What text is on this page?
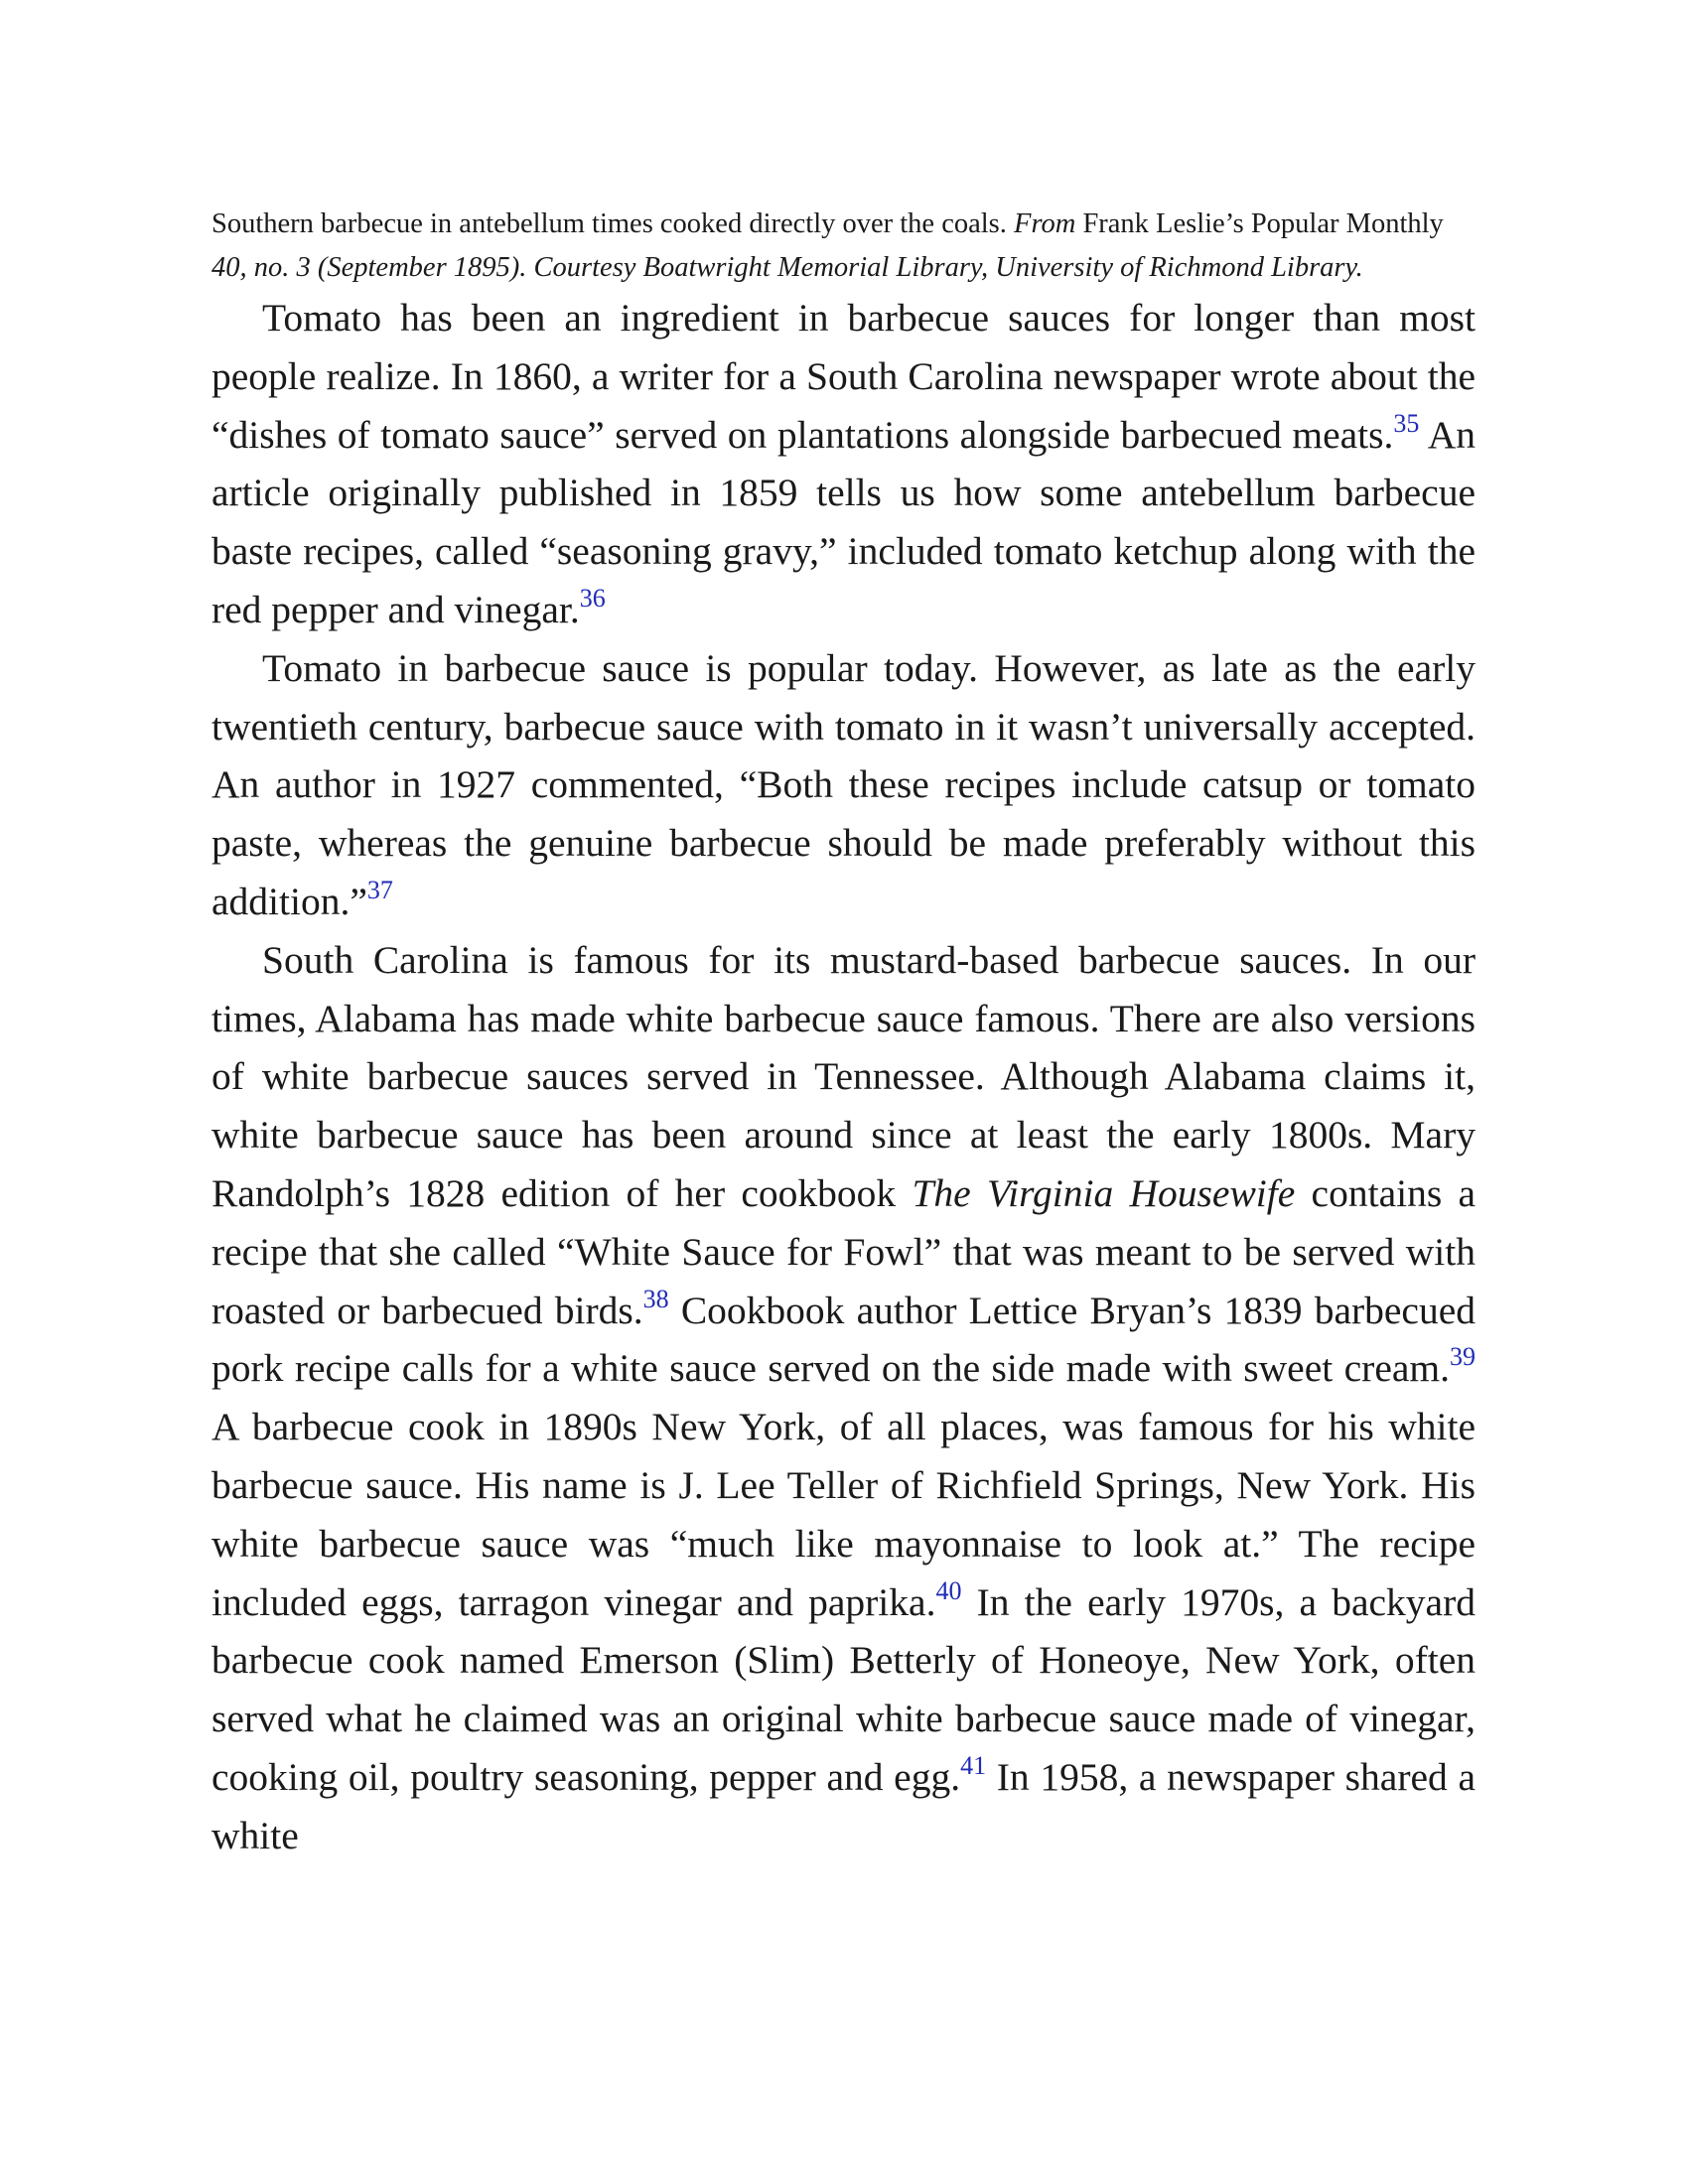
Southern barbecue in antebellum times cooked directly over the coals. From Frank Leslie’s Popular Monthly 40, no. 3 (September 1895). Courtesy Boatwright Memorial Library, University of Richmond Library.

Tomato has been an ingredient in barbecue sauces for longer than most people realize. In 1860, a writer for a South Carolina newspaper wrote about the “dishes of tomato sauce” served on plantations alongside barbecued meats.$^{35}$ An article originally published in 1859 tells us how some antebellum barbecue baste recipes, called “seasoning gravy,” included tomato ketchup along with the red pepper and vinegar.$^{36}$

Tomato in barbecue sauce is popular today. However, as late as the early twentieth century, barbecue sauce with tomato in it wasn’t universally accepted. An author in 1927 commented, “Both these recipes include catsup or tomato paste, whereas the genuine barbecue should be made preferably without this addition.”$^{37}$

South Carolina is famous for its mustard-based barbecue sauces. In our times, Alabama has made white barbecue sauce famous. There are also versions of white barbecue sauces served in Tennessee. Although Alabama claims it, white barbecue sauce has been around since at least the early 1800s. Mary Randolph’s 1828 edition of her cookbook The Virginia Housewife contains a recipe that she called “White Sauce for Fowl” that was meant to be served with roasted or barbecued birds.$^{38}$ Cookbook author Lettice Bryan’s 1839 barbecued pork recipe calls for a white sauce served on the side made with sweet cream.$^{39}$ A barbecue cook in 1890s New York, of all places, was famous for his white barbecue sauce. His name is J. Lee Teller of Richfield Springs, New York. His white barbecue sauce was “much like mayonnaise to look at.” The recipe included eggs, tarragon vinegar and paprika.$^{40}$ In the early 1970s, a backyard barbecue cook named Emerson (Slim) Betterly of Honeoye, New York, often served what he claimed was an original white barbecue sauce made of vinegar, cooking oil, poultry seasoning, pepper and egg.$^{41}$ In 1958, a newspaper shared a white
